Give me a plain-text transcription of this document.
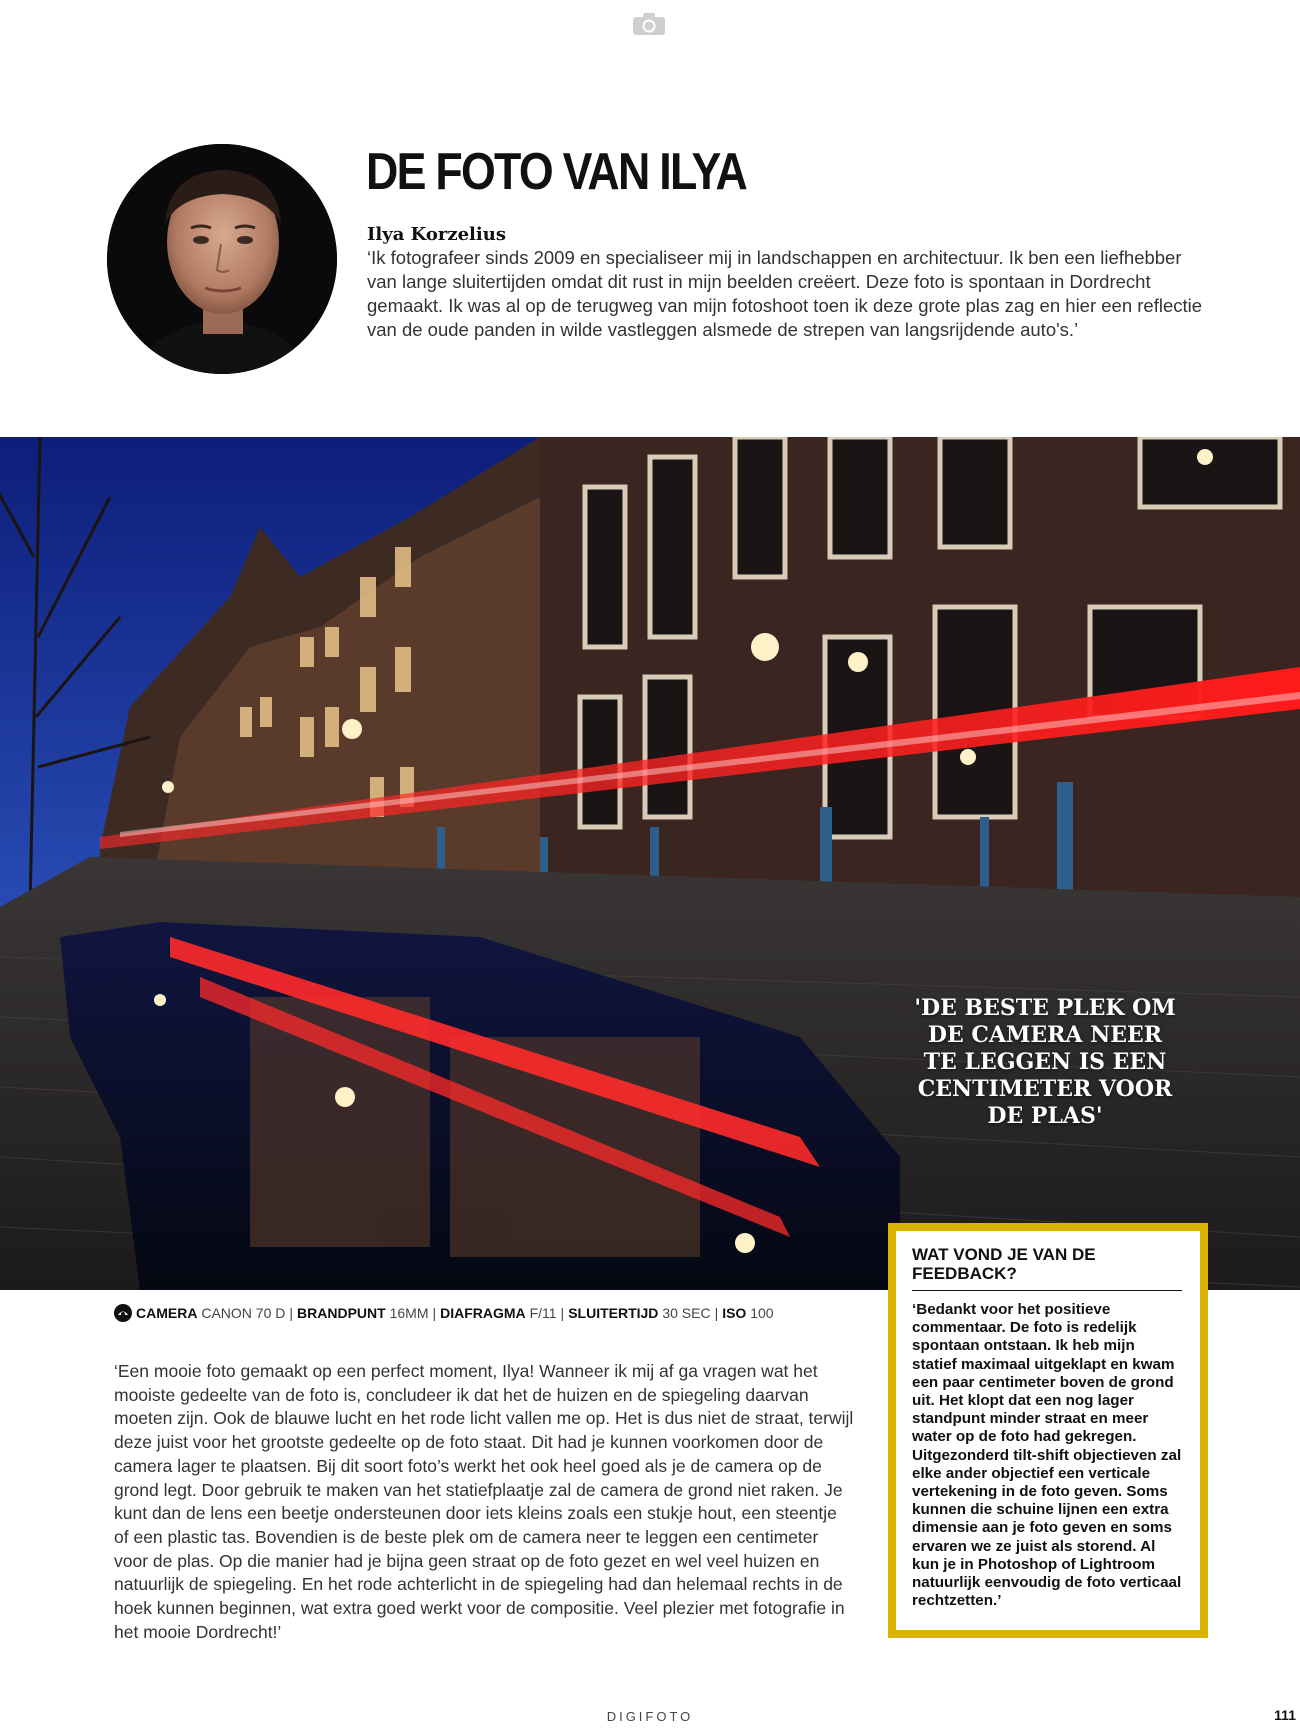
DE FOTO VAN ILYA
Ilya Korzelius

‘Ik fotografeer sinds 2009 en specialiseer mij in landschappen en architectuur. Ik ben een liefhebber van lange sluitertijden omdat dit rust in mijn beelden creëert. Deze foto is spontaan in Dordrecht gemaakt. Ik was al op de terugweg van mijn fotoshoot toen ik deze grote plas zag en hier een reflectie van de oude panden in wilde vastleggen alsmede de strepen van langsrijdende auto's.’

'DE BESTE PLEK OM DE CAMERA NEER TE LEGGEN IS EEN CENTIMETER VOOR DE PLAS'

CAMERA
CANON 70 D | BRANDPUNT
16MM | DIAFRAGMA
F/11 | SLUITERTIJD
30 SEC | ISO
100

‘Een mooie foto gemaakt op een perfect moment, Ilya! Wanneer ik mij af ga vragen wat het mooiste gedeelte van de foto is, concludeer ik dat het de huizen en de spiegeling daarvan moeten zijn. Ook de blauwe lucht en het rode licht vallen me op. Het is dus niet de straat, terwijl deze juist voor het grootste gedeelte op de foto staat. Dit had je kunnen voorkomen door de camera lager te plaatsen. Bij dit soort foto’s werkt het ook heel goed als je de camera op de grond legt. Door gebruik te maken van het statiefplaatje zal de camera de grond niet raken. Je kunt dan de lens een beetje ondersteunen door iets kleins zoals een stukje hout, een steentje of een plastic tas. Bovendien is de beste plek om de camera neer te leggen een centimeter voor de plas. Op die manier had je bijna geen straat op de foto gezet en wel veel huizen en natuurlijk de spiegeling. En het rode achterlicht in de spiegeling had dan helemaal rechts in de hoek kunnen beginnen, wat extra goed werkt voor de compositie. Veel plezier met fotografie in het mooie Dordrecht!’

WAT VOND JE VAN DE FEEDBACK?

‘Bedankt voor het positieve commentaar. De foto is redelijk spontaan ontstaan. Ik heb mijn statief maximaal uitgeklapt en kwam een paar centimeter boven de grond uit. Het klopt dat een nog lager standpunt minder straat en meer water op de foto had gekregen. Uitgezonderd tilt-shift objectieven zal elke ander objectief een verticale vertekening in de foto geven. Soms kunnen die schuine lijnen een extra dimensie aan je foto geven en soms ervaren we ze juist als storend. Al kun je in Photoshop of Lightroom natuurlijk eenvoudig de foto verticaal rechtzetten.’

DIGIFOTO	111
